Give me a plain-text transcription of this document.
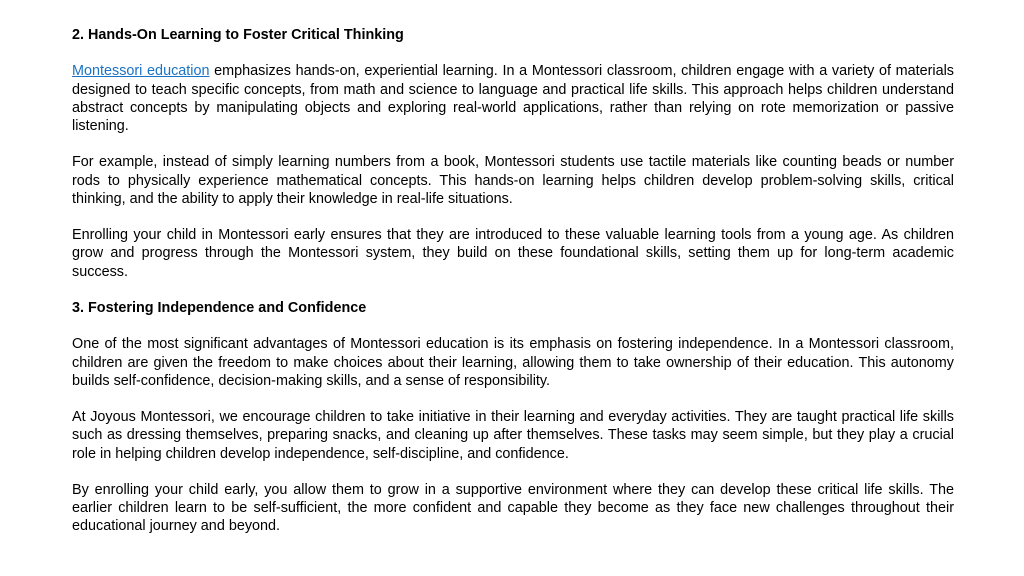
2. Hands-On Learning to Foster Critical Thinking

Montessori education emphasizes hands-on, experiential learning. In a Montessori classroom, children engage with a variety of materials designed to teach specific concepts, from math and science to language and practical life skills. This approach helps children understand abstract concepts by manipulating objects and exploring real-world applications, rather than relying on rote memorization or passive listening.

For example, instead of simply learning numbers from a book, Montessori students use tactile materials like counting beads or number rods to physically experience mathematical concepts. This hands-on learning helps children develop problem-solving skills, critical thinking, and the ability to apply their knowledge in real-life situations.

Enrolling your child in Montessori early ensures that they are introduced to these valuable learning tools from a young age. As children grow and progress through the Montessori system, they build on these foundational skills, setting them up for long-term academic success.

3. Fostering Independence and Confidence

One of the most significant advantages of Montessori education is its emphasis on fostering independence. In a Montessori classroom, children are given the freedom to make choices about their learning, allowing them to take ownership of their education. This autonomy builds self-confidence, decision-making skills, and a sense of responsibility.

At Joyous Montessori, we encourage children to take initiative in their learning and everyday activities. They are taught practical life skills such as dressing themselves, preparing snacks, and cleaning up after themselves. These tasks may seem simple, but they play a crucial role in helping children develop independence, self-discipline, and confidence.

By enrolling your child early, you allow them to grow in a supportive environment where they can develop these critical life skills. The earlier children learn to be self-sufficient, the more confident and capable they become as they face new challenges throughout their educational journey and beyond.
